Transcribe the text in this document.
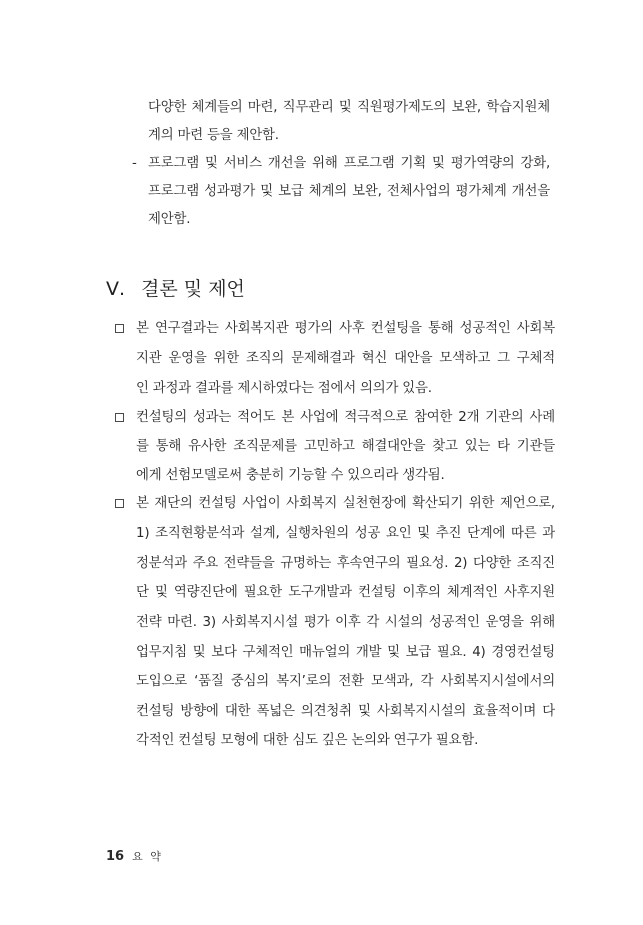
다양한 체계들의 마련, 직무관리 및 직원평가제도의 보완, 학습지원체
계의 마련 등을 제안함.
- 프로그램 및 서비스 개선을 위해 프로그램 기획 및 평가역량의 강화,
프로그램 성과평가 및 보급 체계의 보완, 전체사업의 평가체계 개선을
제안함.
Ⅴ. 결론 및 제언
본 연구결과는 사회복지관 평가의 사후 컨설팅을 통해 성공적인 사회복
지관 운영을 위한 조직의 문제해결과 혁신 대안을 모색하고 그 구체적
인 과정과 결과를 제시하였다는 점에서 의의가 있음.
컨설팅의 성과는 적어도 본 사업에 적극적으로 참여한 2개 기관의 사례
를 통해 유사한 조직문제를 고민하고 해결대안을 찾고 있는 타 기관들
에게 선험모델로써 충분히 기능할 수 있으리라 생각됨.
본 재단의 컨설팅 사업이 사회복지 실천현장에 확산되기 위한 제언으로,
1) 조직현황분석과 설계, 실행차원의 성공 요인 및 추진 단계에 따른 과
정분석과 주요 전략들을 규명하는 후속연구의 필요성. 2) 다양한 조직진
단 및 역량진단에 필요한 도구개발과 컨설팅 이후의 체계적인 사후지원
전략 마련. 3) 사회복지시설 평가 이후 각 시설의 성공적인 운영을 위해
업무지침 및 보다 구체적인 매뉴얼의 개발 및 보급 필요. 4) 경영컨설팅
도입으로 ‘품질 중심의 복지’로의 전환 모색과, 각 사회복지시설에서의
컨설팅 방향에 대한 폭넓은 의견청취 및 사회복지시설의 효율적이며 다
각적인 컨설팅 모형에 대한 심도 깊은 논의와 연구가 필요함.
16 요 약
